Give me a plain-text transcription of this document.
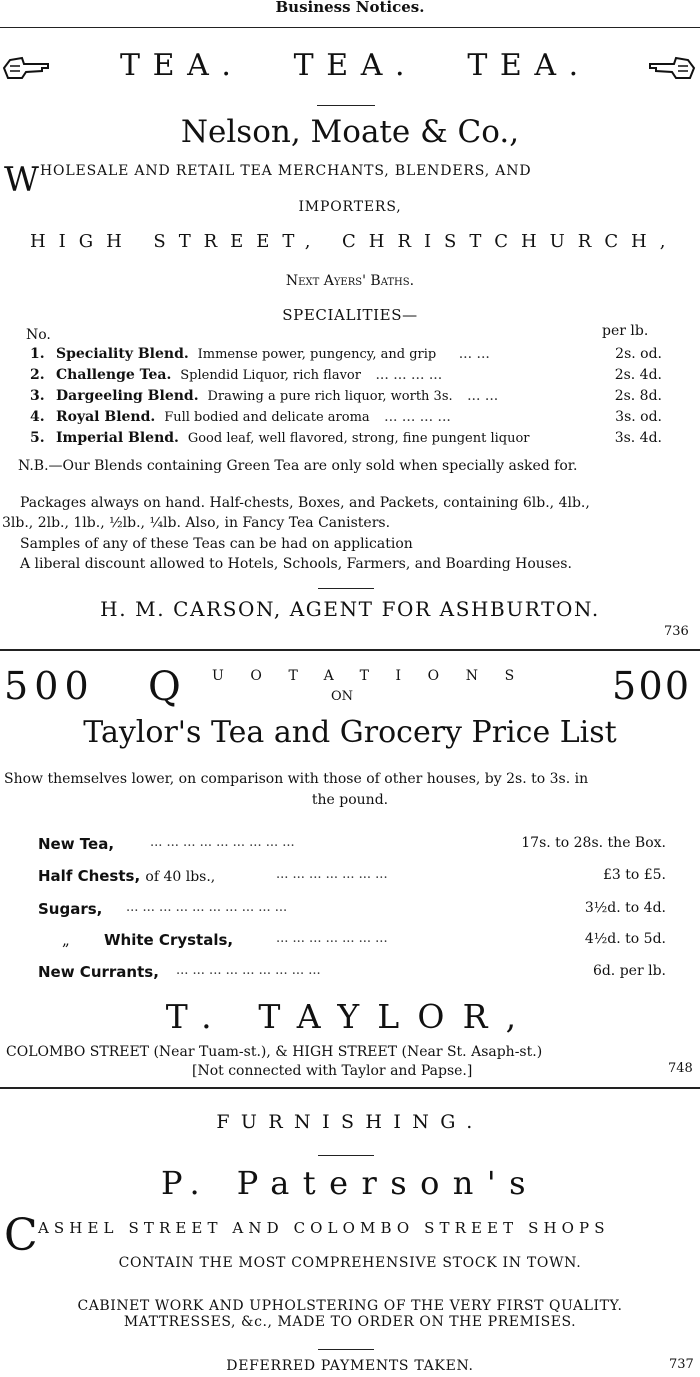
Business Notices.
TEA. TEA. TEA.
Nelson, Moate & Co.,
W HOLESALE AND RETAIL TEA MERCHANTS, BLENDERS, AND
IMPORTERS,
HIGH STREET, CHRISTCHURCH,
Next Ayers' Baths.
SPECIALITIES—
No.	per lb.
1. Speciality Blend. Immense power, pungency, and grip ... ...	2s. od.
2. Challenge Tea. Splendid Liquor, rich flavor ... ... ... ...	2s. 4d.
3. Dargeeling Blend. Drawing a pure rich liquor, worth 3s. ... ...	2s. 8d.
4. Royal Blend. Full bodied and delicate aroma ... ... ... ...	3s. od.
5. Imperial Blend. Good leaf, well flavored, strong, fine pungent liquor	3s. 4d.
N.B.—Our Blends containing Green Tea are only sold when specially asked for.
Packages always on hand. Half-chests, Boxes, and Packets, containing 6lb., 4lb.,
3lb., 2lb., 1lb., ½lb., ¼lb. Also, in Fancy Tea Canisters.
Samples of any of these Teas can be had on application
A liberal discount allowed to Hotels, Schools, Farmers, and Boarding Houses.
H. M. CARSON, AGENT FOR ASHBURTON.
736
500 Q UOTATIONS
ON	500
Taylor's Tea and Grocery Price List
Show themselves lower, on comparison with those of other houses, by 2s. to 3s. in
the pound.
New Tea,	... ... ... ... ... ... ... ... ...	17s. to 28s. the Box.
Half Chests, of 40 lbs.,	... ... ... ... ... ... ...	£3 to £5.
Sugars, ... ... ... ... ... ... ... ... ... ...	3½d. to 4d.
„ White Crystals,	... ... ... ... ... ... ...	4½d. to 5d.
New Currants, ... ... ... ... ... ... ... ... ...	6d. per lb.
T. TAYLOR,
COLOMBO STREET (Near Tuam-st.), & HIGH STREET (Near St. Asaph-st.)
[Not connected with Taylor and Papse.]	748
FURNISHING.
P. Paterson's
C ASHEL STREET AND COLOMBO STREET SHOPS
CONTAIN THE MOST COMPREHENSIVE STOCK IN TOWN.
CABINET WORK AND UPHOLSTERING OF THE VERY FIRST QUALITY.
MATTRESSES, &c., MADE TO ORDER ON THE PREMISES.
DEFERRED PAYMENTS TAKEN.	737
